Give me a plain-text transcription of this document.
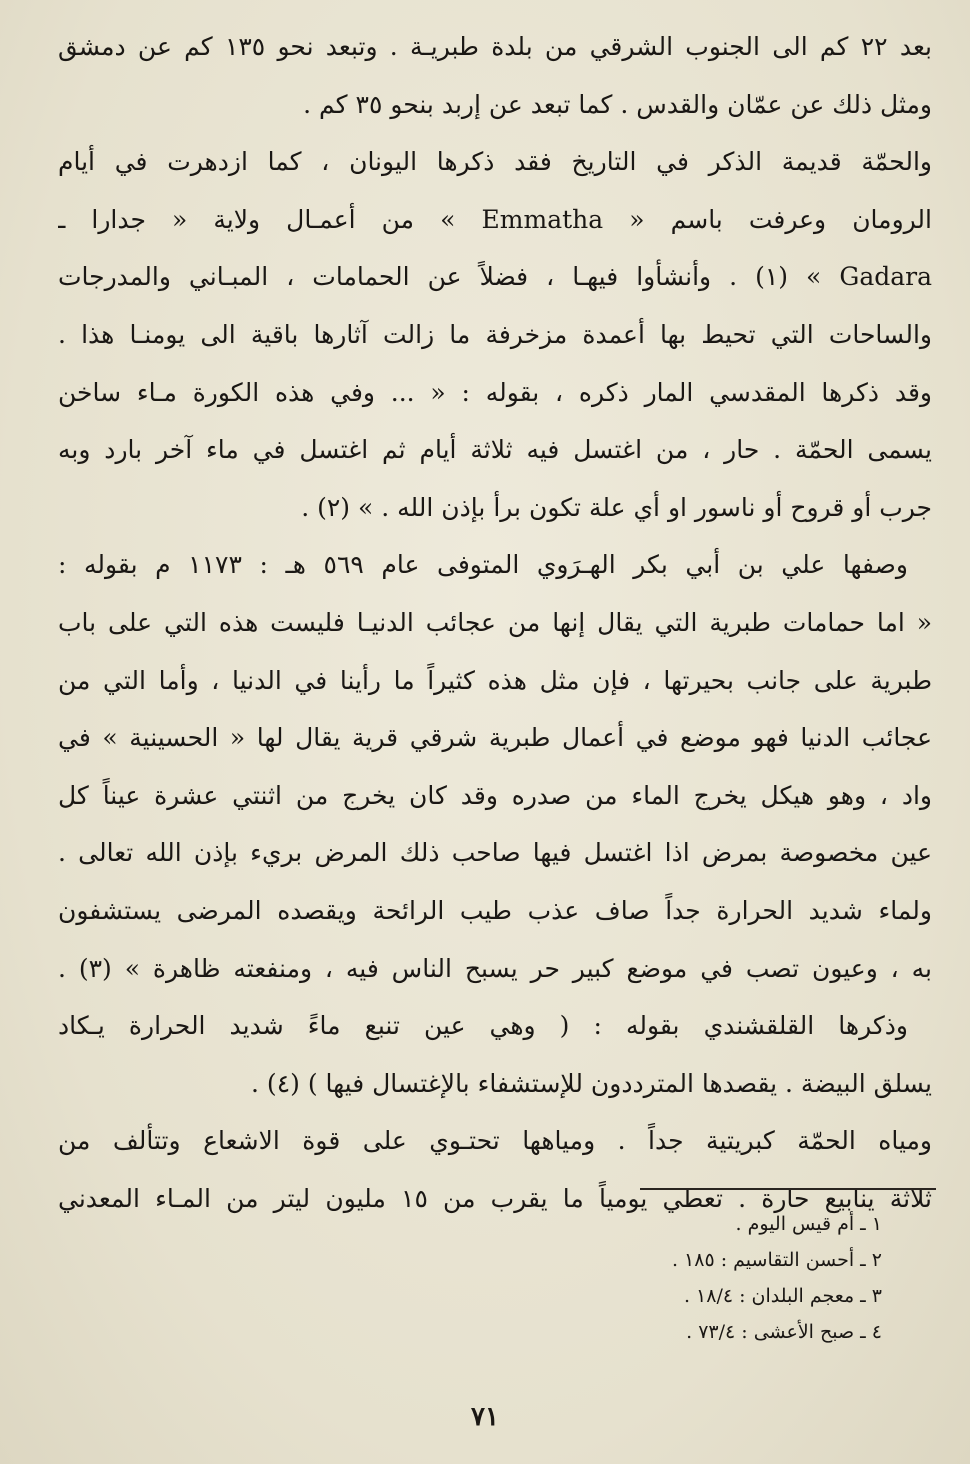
بعد ٢٢ كم الى الجنوب الشرقي من بلدة طبريـة . وتبعد نحو ١٣٥ كم عن دمشق
ومثل ذلك عن عمّان والقدس . كما تبعد عن إربد بنحو ٣٥ كم .
والحمّة قديمة الذكر في التاريخ فقد ذكرها اليونان ، كما ازدهرت في أيام
الرومان وعرفت باسم « Emmatha » من أعمـال ولاية « جدارا ـ
Gadara » (١) . وأنشأوا فيهـا ، فضلاً عن الحمامات ، المبـاني والمدرجات
والساحات التي تحيط بها أعمدة مزخرفة ما زالت آثارها باقية الى يومنـا هذا .
وقد ذكرها المقدسي المار ذكره ، بقوله : « ... وفي هذه الكورة مـاء ساخن
يسمى الحمّة . حار ، من اغتسل فيه ثلاثة أيام ثم اغتسل في ماء آخر بارد وبه
جرب أو قروح أو ناسور او أي علة تكون برأ بإذن الله . » (٢) .
وصفها علي بن أبي بكر الهـرَوي المتوفى عام ٥٦٩ هـ : ١١٧٣ م بقوله :
« اما حمامات طبرية التي يقال إنها من عجائب الدنيـا فليست هذه التي على باب
طبرية على جانب بحيرتها ، فإن مثل هذه كثيراً ما رأينا في الدنيا ، وأما التي من
عجائب الدنيا فهو موضع في أعمال طبرية شرقي قرية يقال لها « الحسينية » في
واد ، وهو هيكل يخرج الماء من صدره وقد كان يخرج من اثنتي عشرة عيناً كل
عين مخصوصة بمرض اذا اغتسل فيها صاحب ذلك المرض بريء بإذن الله تعالى .
ولماء شديد الحرارة جداً صاف عذب طيب الرائحة ويقصده المرضى يستشفون
به ، وعيون تصب في موضع كبير حر يسبح الناس فيه ، ومنفعته ظاهرة » (٣) .
وذكرها القلقشندي بقوله : ( وهي عين تنبع ماءً شديد الحرارة يـكاد
يسلق البيضة . يقصدها المترددون للإستشفاء بالإغتسال فيها ) (٤) .
ومياه الحمّة كبريتية جداً . ومياهها تحتـوي على قوة الاشعاع وتتألف من
ثلاثة ينابيع حارة . تعطي يومياً ما يقرب من ١٥ مليون ليتر من المـاء المعدني
١ ـ أم قيس اليوم .
٢ ـ أحسن التقاسيم : ١٨٥ .
٣ ـ معجم البلدان : ١٨/٤ .
٤ ـ صبح الأعشى : ٧٣/٤ .
٧١
